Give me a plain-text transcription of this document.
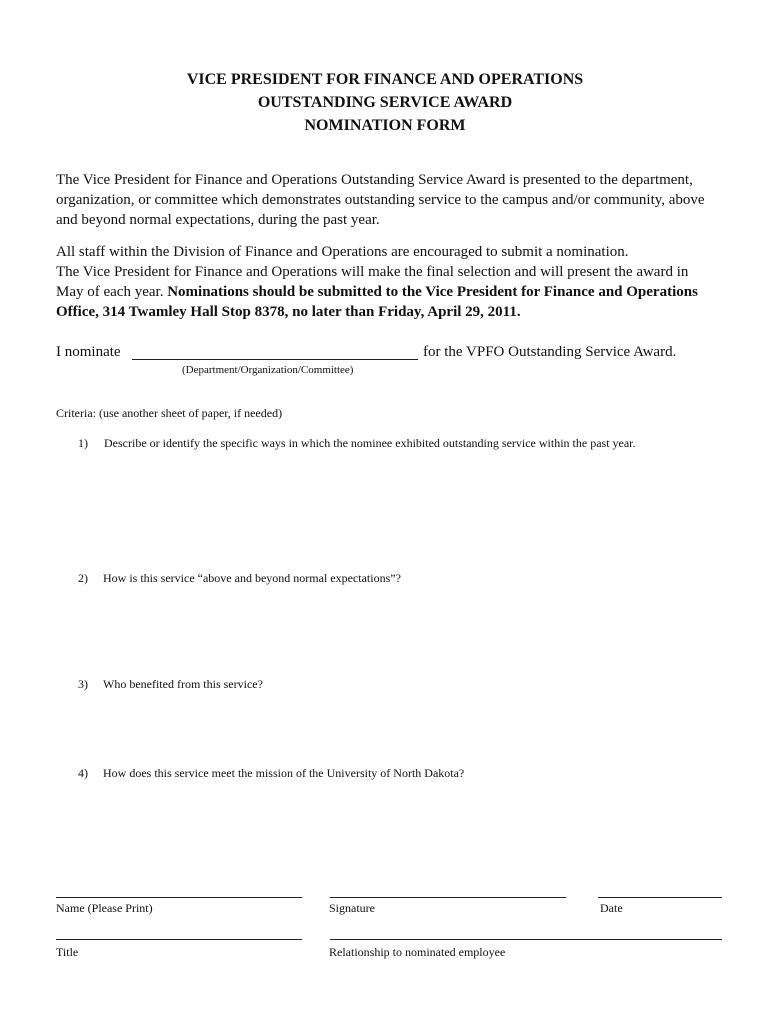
VICE PRESIDENT FOR FINANCE AND OPERATIONS
OUTSTANDING SERVICE AWARD
NOMINATION FORM
The Vice President for Finance and Operations Outstanding Service Award is presented to the department, organization, or committee which demonstrates outstanding service to the campus and/or community, above and beyond normal expectations, during the past year.
All staff within the Division of Finance and Operations are encouraged to submit a nomination.
The Vice President for Finance and Operations will make the final selection and will present the award in May of each year. Nominations should be submitted to the Vice President for Finance and Operations Office, 314 Twamley Hall Stop 8378, no later than Friday, April 29, 2011.
I nominate	for the VPFO Outstanding Service Award.
(Department/Organization/Committee)
Criteria: (use another sheet of paper, if needed)
1) Describe or identify the specific ways in which the nominee exhibited outstanding service within the past year.
2) How is this service “above and beyond normal expectations”?
3) Who benefited from this service?
4) How does this service meet the mission of the University of North Dakota?
Name (Please Print)	Signature	Date
Title	Relationship to nominated employee
